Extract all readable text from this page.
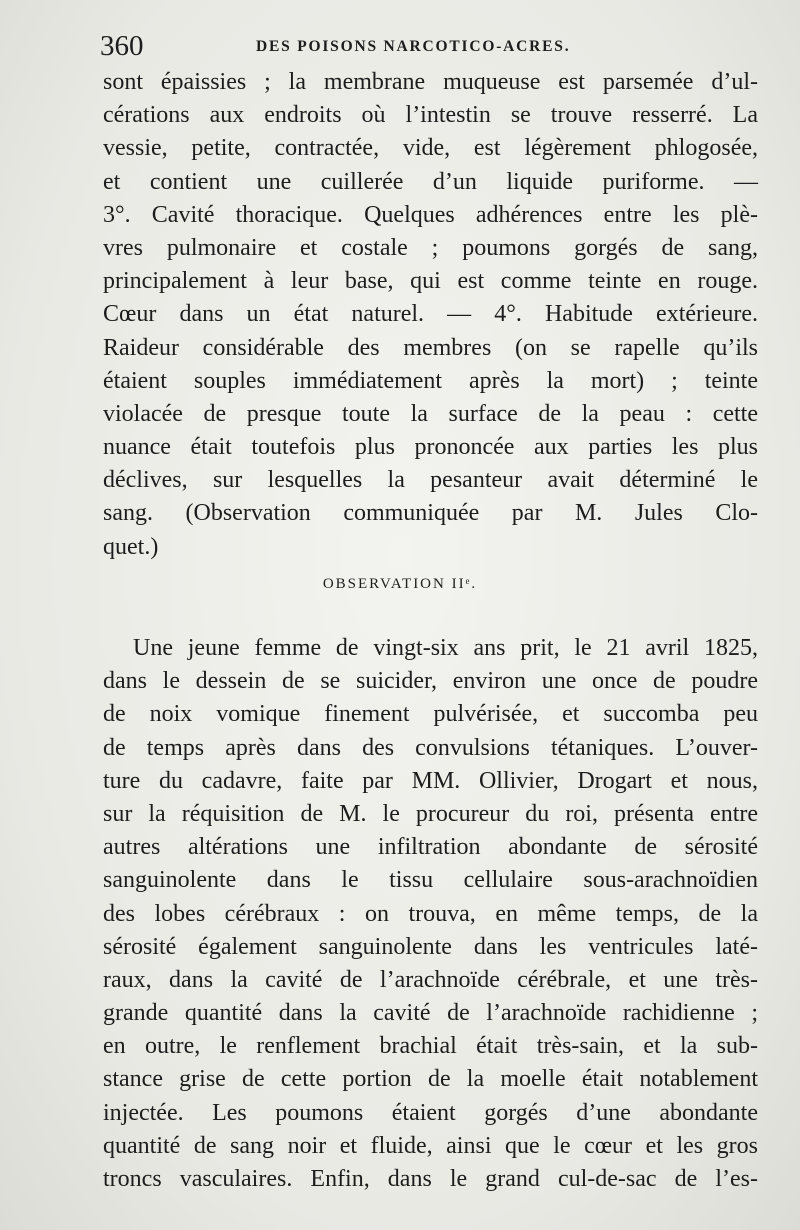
360	DES POISONS NARCOTICO-ACRES.
sont épaissies ; la membrane muqueuse est parsemée d’ul-
cérations aux endroits où l’intestin se trouve resserré. La
vessie, petite, contractée, vide, est légèrement phlogosée,
et contient une cuillerée d’un liquide puriforme. —
3°. Cavité thoracique. Quelques adhérences entre les plè-
vres pulmonaire et costale ; poumons gorgés de sang,
principalement à leur base, qui est comme teinte en rouge.
Cœur dans un état naturel. — 4°. Habitude extérieure.
Raideur considérable des membres (on se rapelle qu’ils
étaient souples immédiatement après la mort) ; teinte
violacée de presque toute la surface de la peau : cette
nuance était toutefois plus prononcée aux parties les plus
déclives, sur lesquelles la pesanteur avait déterminé le
sang. (Observation communiquée par M. Jules Clo-
quet.)
OBSERVATION IIᵉ.
Une jeune femme de vingt-six ans prit, le 21 avril 1825,
dans le dessein de se suicider, environ une once de poudre
de noix vomique finement pulvérisée, et succomba peu
de temps après dans des convulsions tétaniques. L’ouver-
ture du cadavre, faite par MM. Ollivier, Drogart et nous,
sur la réquisition de M. le procureur du roi, présenta entre
autres altérations une infiltration abondante de sérosité
sanguinolente dans le tissu cellulaire sous-arachnoïdien
des lobes cérébraux : on trouva, en même temps, de la
sérosité également sanguinolente dans les ventricules laté-
raux, dans la cavité de l’arachnoïde cérébrale, et une très-
grande quantité dans la cavité de l’arachnoïde rachidienne ;
en outre, le renflement brachial était très-sain, et la sub-
stance grise de cette portion de la moelle était notablement
injectée. Les poumons étaient gorgés d’une abondante
quantité de sang noir et fluide, ainsi que le cœur et les gros
troncs vasculaires. Enfin, dans le grand cul-de-sac de l’es-
